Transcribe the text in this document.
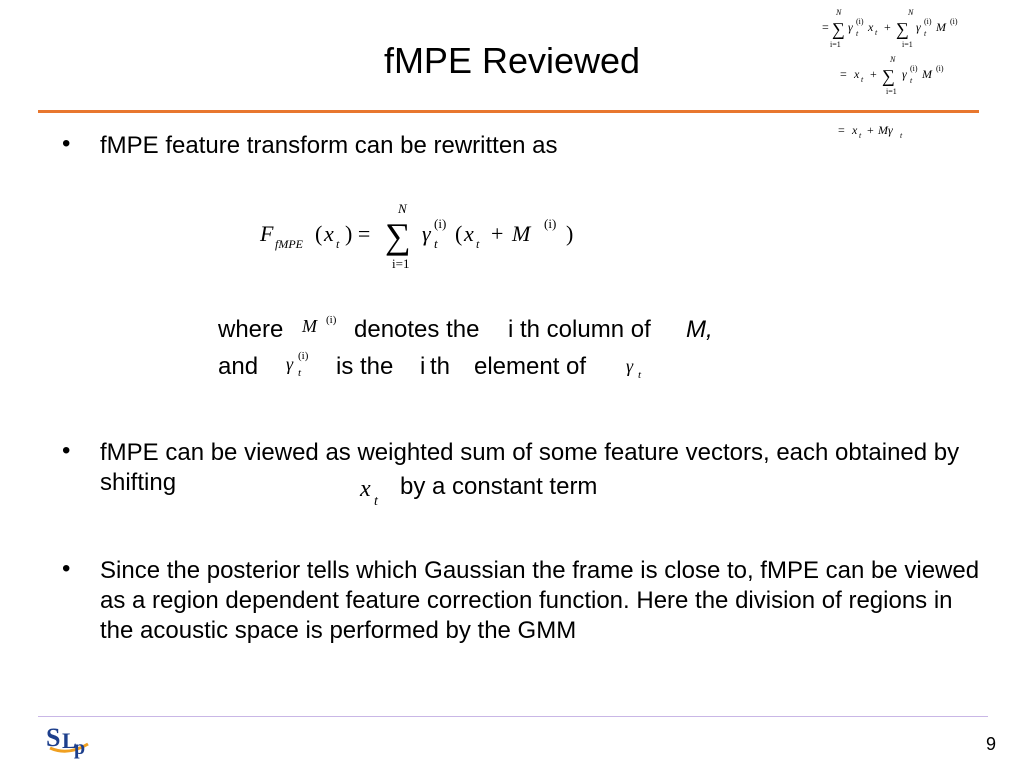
fMPE Reviewed
=
N
∑
i=1
γ (i)
t x t +
N
∑
i=1
γ (i)
t M (i)
= x t +
N
∑
i=1
γ (i)
t M (i)
= x t + Mγ t
• fMPE feature transform can be rewritten as
F fMPE ( x t ) =
N
∑
i=1
γ (i)
t ( x t + M (i) )
where M (i) denotes the i th column of M,
and γ (i)
t is the i th element of γ t
• fMPE can be viewed as weighted sum of some feature vectors, each obtained by shifting	x t
by a constant term
• Since the posterior tells which Gaussian the frame is close to, fMPE can be viewed as a region dependent feature correction function. Here the division of regions in the acoustic space is performed by the GMM
S L
p	9
